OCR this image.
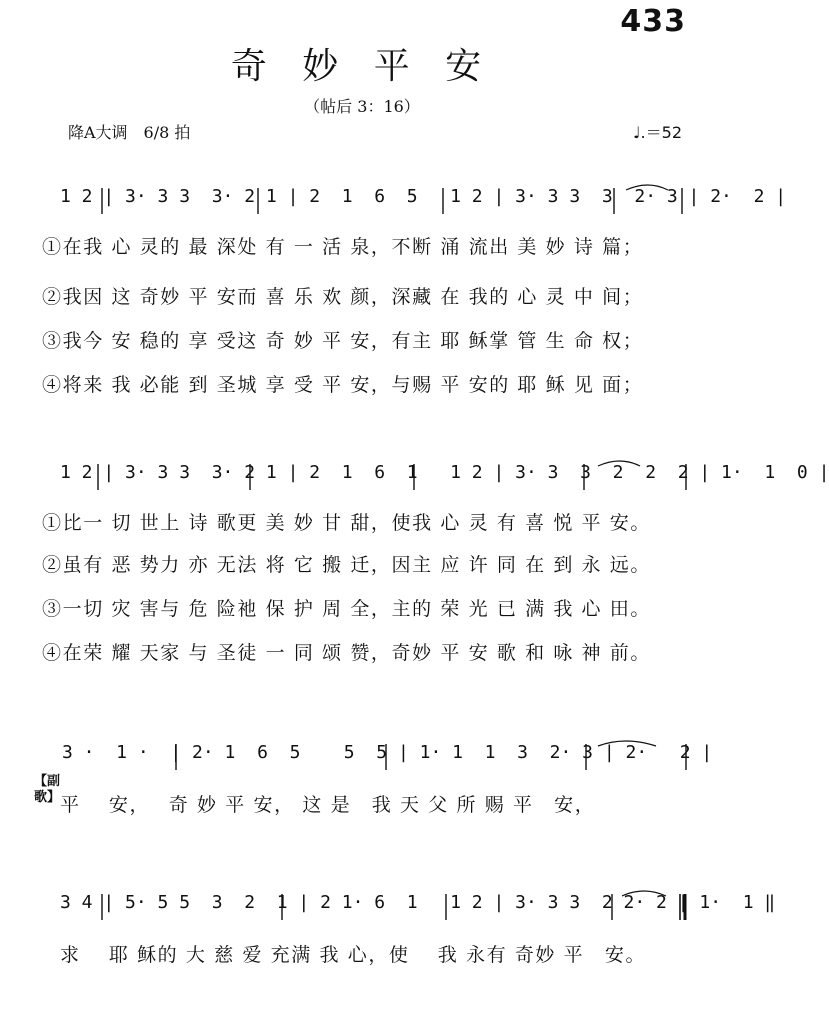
433
奇 妙 平 安
（帖后 3：16）
降A大调　6/8 拍	♩.＝52
1 2 | 3· 3 3  3· 2 1 | 2  1  6  5   1 2 | 3· 3 3  3  2· 3 | 2·  2 |
①在我 心 灵的 最 深处 有 一 活 泉，不断 涌 流出 美 妙 诗 篇；
②我因 这 奇妙 平 安而 喜 乐 欢 颜，深藏 在 我的 心 灵 中 间；
③我今 安 稳的 享 受这 奇 妙 平 安，有主 耶 稣掌 管 生 命 权；
④将来 我 必能 到 圣城 享 受 平 安，与赐 平 安的 耶 稣 见 面；
1 2 | 3· 3 3  3· 2 1 | 2  1  6  1   1 2 | 3· 3  3  2  2  2 | 1·  1  0 |
①比一 切 世上 诗 歌更 美 妙 甘 甜，使我 心 灵 有 喜 悦 平 安。
②虽有 恶 势力 亦 无法 将 它 搬 迁，因主 应 许 同 在 到 永 远。
③一切 灾 害与 危 险祂 保 护 周 全，主的 荣 光 已 满 我 心 田。
④在荣 耀 天家 与 圣徒 一 同 颂 赞，奇妙 平 安 歌 和 咏 神 前。
3 ·  1 ·  | 2· 1  6  5    5  5 | 1· 1  1  3  2· 3 | 2·   2 |
【副歌】 平　 安，　 奇 妙 平 安， 这 是　我 天 父 所 赐 平　安，
3 4 | 5· 5 5  3  2  1 | 2 1· 6  1   1 2 | 3· 3 3  2 2· 2 | 1·  1 ‖
求　 耶 稣的 大 慈 爱 充满 我 心，使　 我 永有 奇妙 平　安。
